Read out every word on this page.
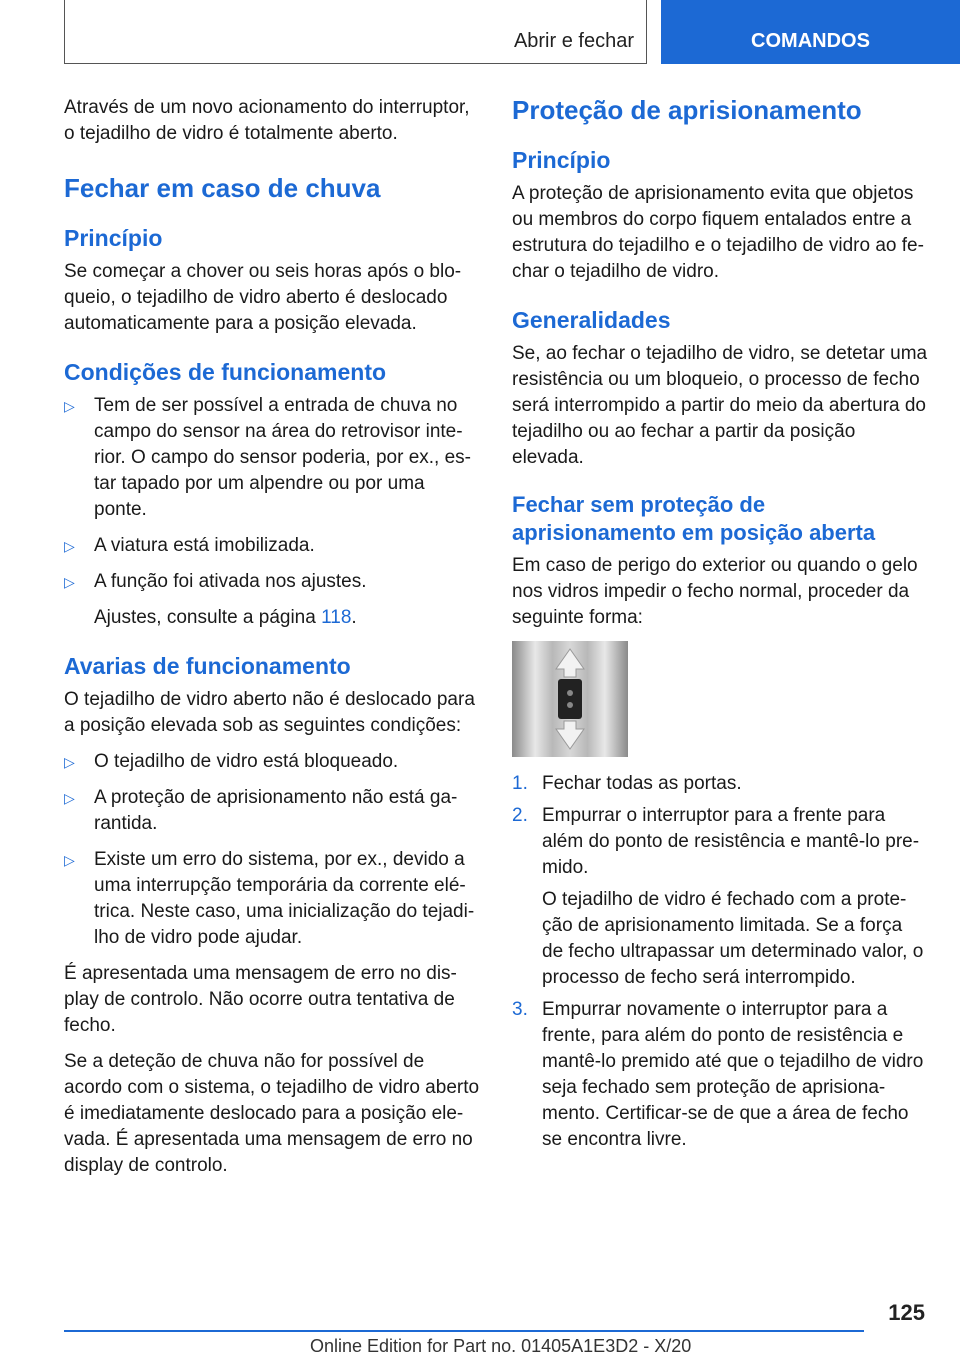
Abrir e fechar	COMANDOS

Através de um novo acionamento do interruptor, o tejadilho de vidro é totalmente aberto.

Fechar em caso de chuva
Princípio

Se começar a chover ou seis horas após o blo- queio, o tejadilho de vidro aberto é deslocado automaticamente para a posição elevada.

Condições de funcionamento
▷ Tem de ser possível a entrada de chuva no campo do sensor na área do retrovisor inte- rior. O campo do sensor poderia, por ex., es- tar tapado por um alpendre ou por uma ponte.
▷ A viatura está imobilizada.
▷ A função foi ativada nos ajustes.

Ajustes, consulte a página 118.

Avarias de funcionamento

O tejadilho de vidro aberto não é deslocado para a posição elevada sob as seguintes condições:

▷ O tejadilho de vidro está bloqueado.
▷ A proteção de aprisionamento não está ga- rantida.
▷ Existe um erro do sistema, por ex., devido a uma interrupção temporária da corrente elé- trica. Neste caso, uma inicialização do tejadi- lho de vidro pode ajudar.

É apresentada uma mensagem de erro no dis- play de controlo. Não ocorre outra tentativa de fecho.

Se a deteção de chuva não for possível de acordo com o sistema, o tejadilho de vidro aberto é imediatamente deslocado para a posição ele- vada. É apresentada uma mensagem de erro no display de controlo.

Proteção de aprisionamento
Princípio

A proteção de aprisionamento evita que objetos ou membros do corpo fiquem entalados entre a estrutura do tejadilho e o tejadilho de vidro ao fe- char o tejadilho de vidro.

Generalidades

Se, ao fechar o tejadilho de vidro, se detetar uma resistência ou um bloqueio, o processo de fecho será interrompido a partir do meio da abertura do tejadilho ou ao fechar a partir da posição elevada.

Fechar sem proteção de aprisionamento em posição aberta

Em caso de perigo do exterior ou quando o gelo nos vidros impedir o fecho normal, proceder da seguinte forma:

1. Fechar todas as portas.
2. Empurrar o interruptor para a frente para além do ponto de resistência e mantê-lo pre- mido.

O tejadilho de vidro é fechado com a prote- ção de aprisionamento limitada. Se a força de fecho ultrapassar um determinado valor, o processo de fecho será interrompido.

3. Empurrar novamente o interruptor para a frente, para além do ponto de resistência e mantê-lo premido até que o tejadilho de vidro seja fechado sem proteção de aprisiona- mento. Certificar-se de que a área de fecho se encontra livre.
125
Online Edition for Part no. 01405A1E3D2 - X/20
